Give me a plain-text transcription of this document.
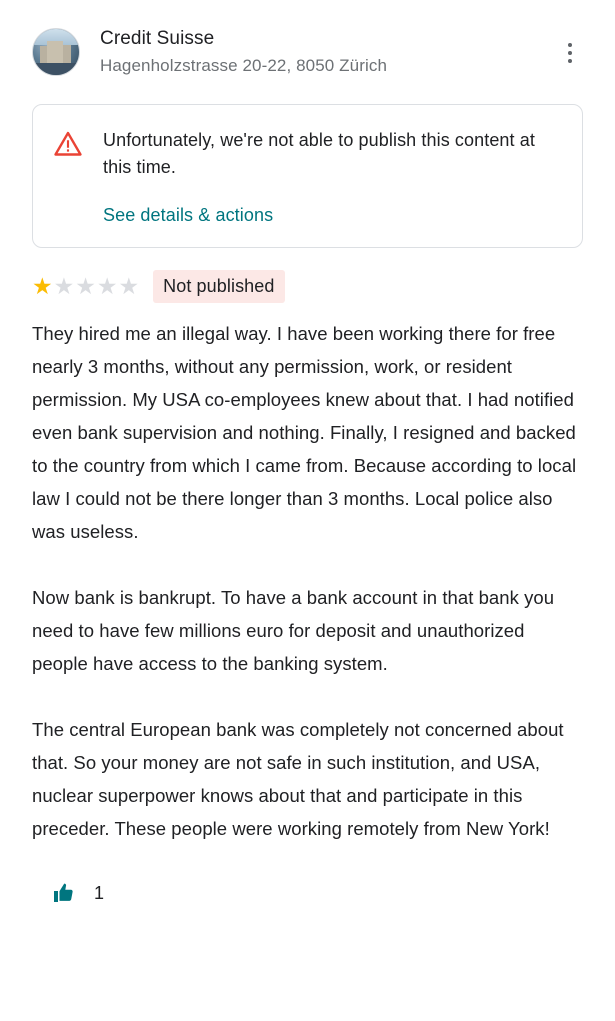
Credit Suisse
Hagenholzstrasse 20-22, 8050 Zürich
Unfortunately, we're not able to publish this content at this time.
See details & actions
★ ★ ★ ★ ★	Not published

They hired me an illegal way. I have been working there for free nearly 3 months, without any permission, work, or resident permission. My USA co-employees knew about that. I had notified even bank supervision and nothing. Finally, I resigned and backed to the country from which I came from. Because according to local law I could not be there longer than 3 months. Local police also was useless.

Now bank is bankrupt. To have a bank account in that bank you need to have few millions euro for deposit and unauthorized people have access to the banking system.

The central European bank was completely not concerned about that. So your money are not safe in such institution, and USA, nuclear superpower knows about that and participate in this preceder. These people were working remotely from New York!

1
